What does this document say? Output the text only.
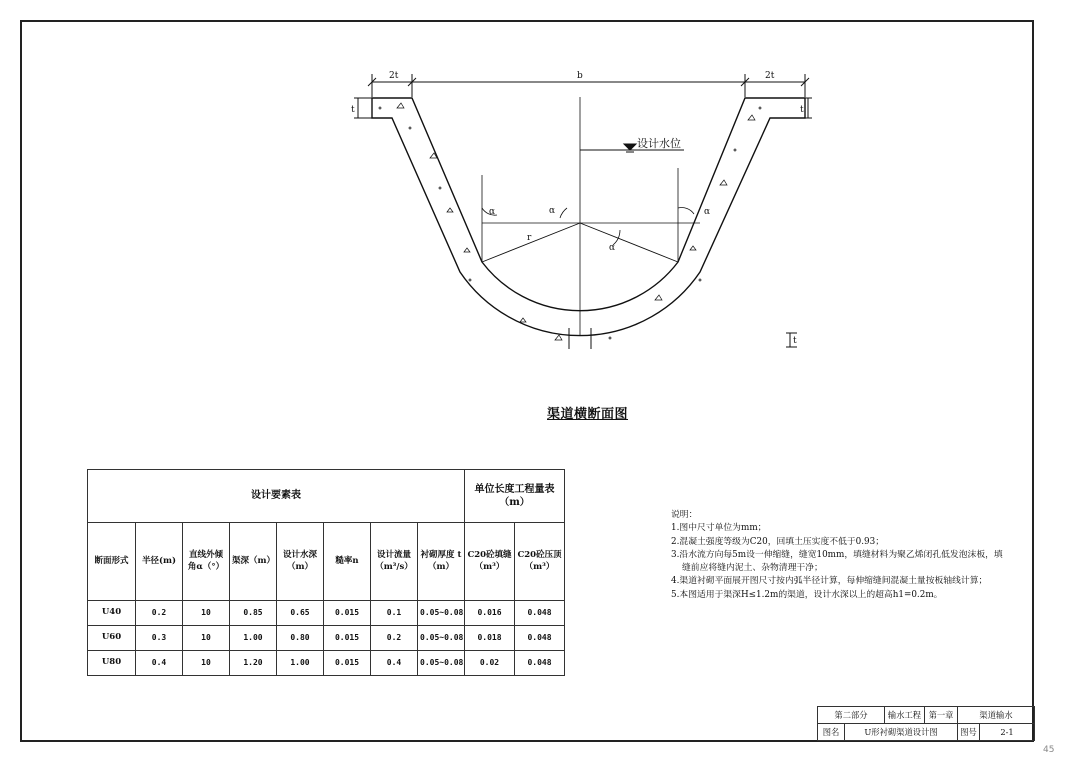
2t	2t
b
t	t
设计水位
r
α	α
α
α
t
渠道横断面图
设计要素表								单位长度工程量表（m）	
断面形式	半径(m)	直线外倾角α（°）	渠深（m）	设计水深（m）	糙率n	设计流量（m³/s）	衬砌厚度 t（m）	C20砼填缝（m³）	C20砼压顶（m³）
U40	0.2	10	0.85	0.65	0.015	0.1	0.05~0.08	0.016	0.048
U60	0.3	10	1.00	0.80	0.015	0.2	0.05~0.08	0.018	0.048
U80	0.4	10	1.20	1.00	0.015	0.4	0.05~0.08	0.02	0.048
说明：
1.图中尺寸单位为mm；
2.混凝土强度等级为C20，回填土压实度不低于0.93；
3.沿水流方向每5m设一伸缩缝，缝宽10mm，填缝材料为聚乙烯闭孔低发泡沫板，填
缝前应将缝内泥土、杂物清理干净；
4.渠道衬砌平面展开图尺寸按内弧半径计算，每伸缩缝间混凝土量按板轴线计算；
5.本图适用于渠深H≤1.2m的渠道，设计水深以上的超高h1=0.2m。
第二部分		输水工程	第一章	渠道输水	
图名	U形衬砌渠道设计图			图号	2-1
45
